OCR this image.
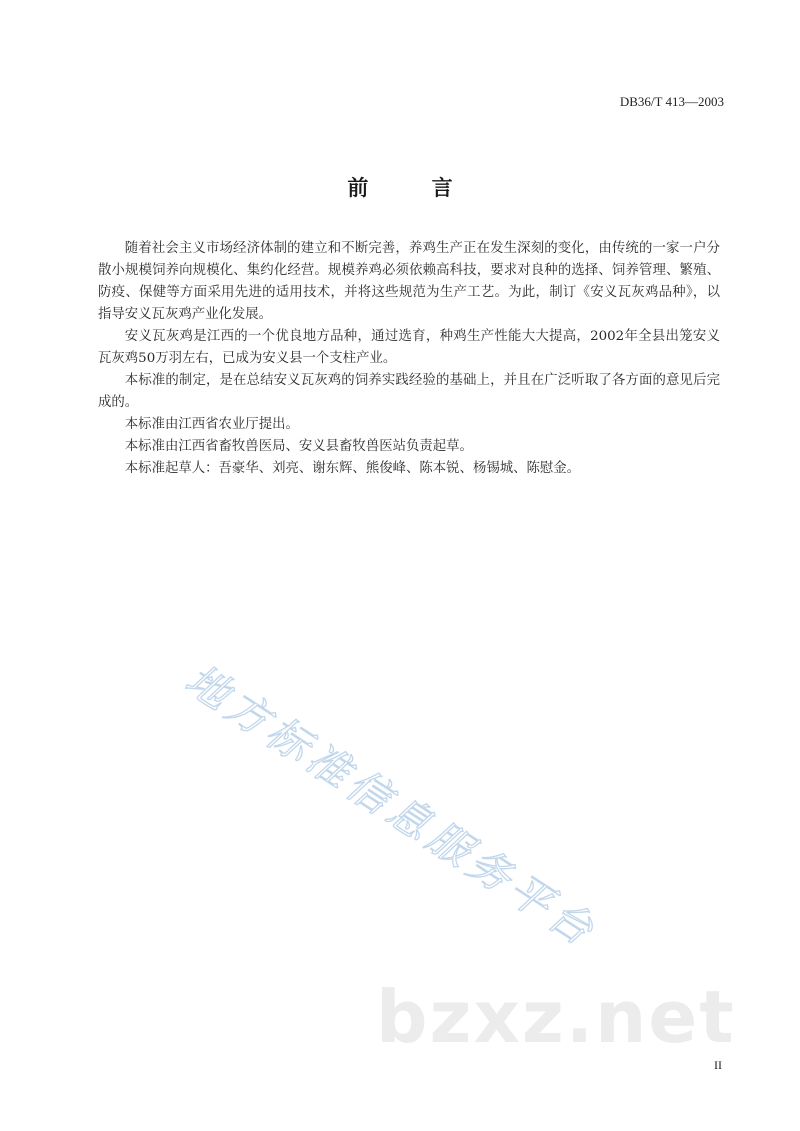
DB36/T 413—2003
前 言

随着社会主义市场经济体制的建立和不断完善，养鸡生产正在发生深刻的变化，由传统的一家一户分散小规模饲养向规模化、集约化经营。规模养鸡必须依赖高科技，要求对良种的选择、饲养管理、繁殖、防疫、保健等方面采用先进的适用技术，并将这些规范为生产工艺。为此，制订《安义瓦灰鸡品种》，以指导安义瓦灰鸡产业化发展。

安义瓦灰鸡是江西的一个优良地方品种，通过选育，种鸡生产性能大大提高，2002年全县出笼安义瓦灰鸡50万羽左右，已成为安义县一个支柱产业。

本标准的制定，是在总结安义瓦灰鸡的饲养实践经验的基础上，并且在广泛听取了各方面的意见后完成的。

本标准由江西省农业厅提出。

本标准由江西省畜牧兽医局、安义县畜牧兽医站负责起草。

本标准起草人：吾豪华、刘亮、谢东辉、熊俊峰、陈本锐、杨锡城、陈慰金。

地方标准信息服务平台
bzxz.net
II
